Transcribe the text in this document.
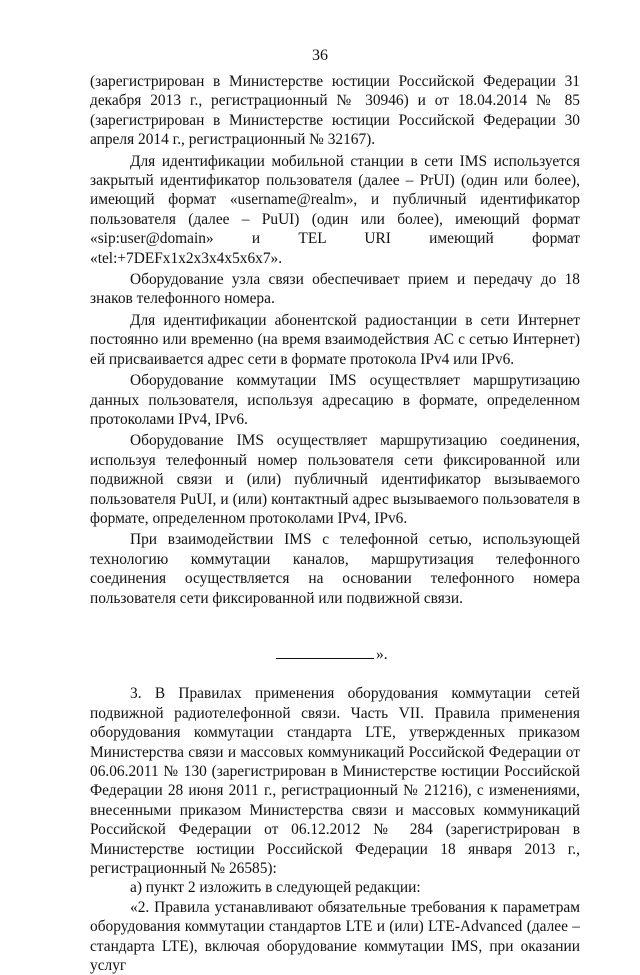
36

(зарегистрирован в Министерстве юстиции Российской Федерации 31 декабря 2013 г., регистрационный № 30946) и от 18.04.2014 № 85 (зарегистрирован в Министерстве юстиции Российской Федерации 30 апреля 2014 г., регистрационный № 32167).

Для идентификации мобильной станции в сети IMS используется закрытый идентификатор пользователя (далее – PrUI) (один или более), имеющий формат «username@realm», и публичный идентификатор пользователя (далее – PuUI) (один или более), имеющий формат «sip:user@domain» и TEL URI имеющий формат «tel:+7DEFx1x2x3x4x5x6x7».

Оборудование узла связи обеспечивает прием и передачу до 18 знаков телефонного номера.

Для идентификации абонентской радиостанции в сети Интернет постоянно или временно (на время взаимодействия АС с сетью Интернет) ей присваивается адрес сети в формате протокола IPv4 или IPv6.

Оборудование коммутации IMS осуществляет маршрутизацию данных пользователя, используя адресацию в формате, определенном протоколами IPv4, IPv6.

Оборудование IMS осуществляет маршрутизацию соединения, используя телефонный номер пользователя сети фиксированной или подвижной связи и (или) публичный идентификатор вызываемого пользователя PuUI, и (или) контактный адрес вызываемого пользователя в формате, определенном протоколами IPv4, IPv6.

При взаимодействии IMS с телефонной сетью, использующей технологию коммутации каналов, маршрутизация телефонного соединения осуществляется на основании телефонного номера пользователя сети фиксированной или подвижной связи.

».

3. В Правилах применения оборудования коммутации сетей подвижной радиотелефонной связи. Часть VII. Правила применения оборудования коммутации стандарта LTE, утвержденных приказом Министерства связи и массовых коммуникаций Российской Федерации от 06.06.2011 № 130 (зарегистрирован в Министерстве юстиции Российской Федерации 28 июня 2011 г., регистрационный № 21216), с изменениями, внесенными приказом Министерства связи и массовых коммуникаций Российской Федерации от 06.12.2012 № 284 (зарегистрирован в Министерстве юстиции Российской Федерации 18 января 2013 г., регистрационный № 26585):

а) пункт 2 изложить в следующей редакции:

«2. Правила устанавливают обязательные требования к параметрам оборудования коммутации стандартов LTE и (или) LTE-Advanced (далее – стандарта LTE), включая оборудование коммутации IMS, при оказании услуг
